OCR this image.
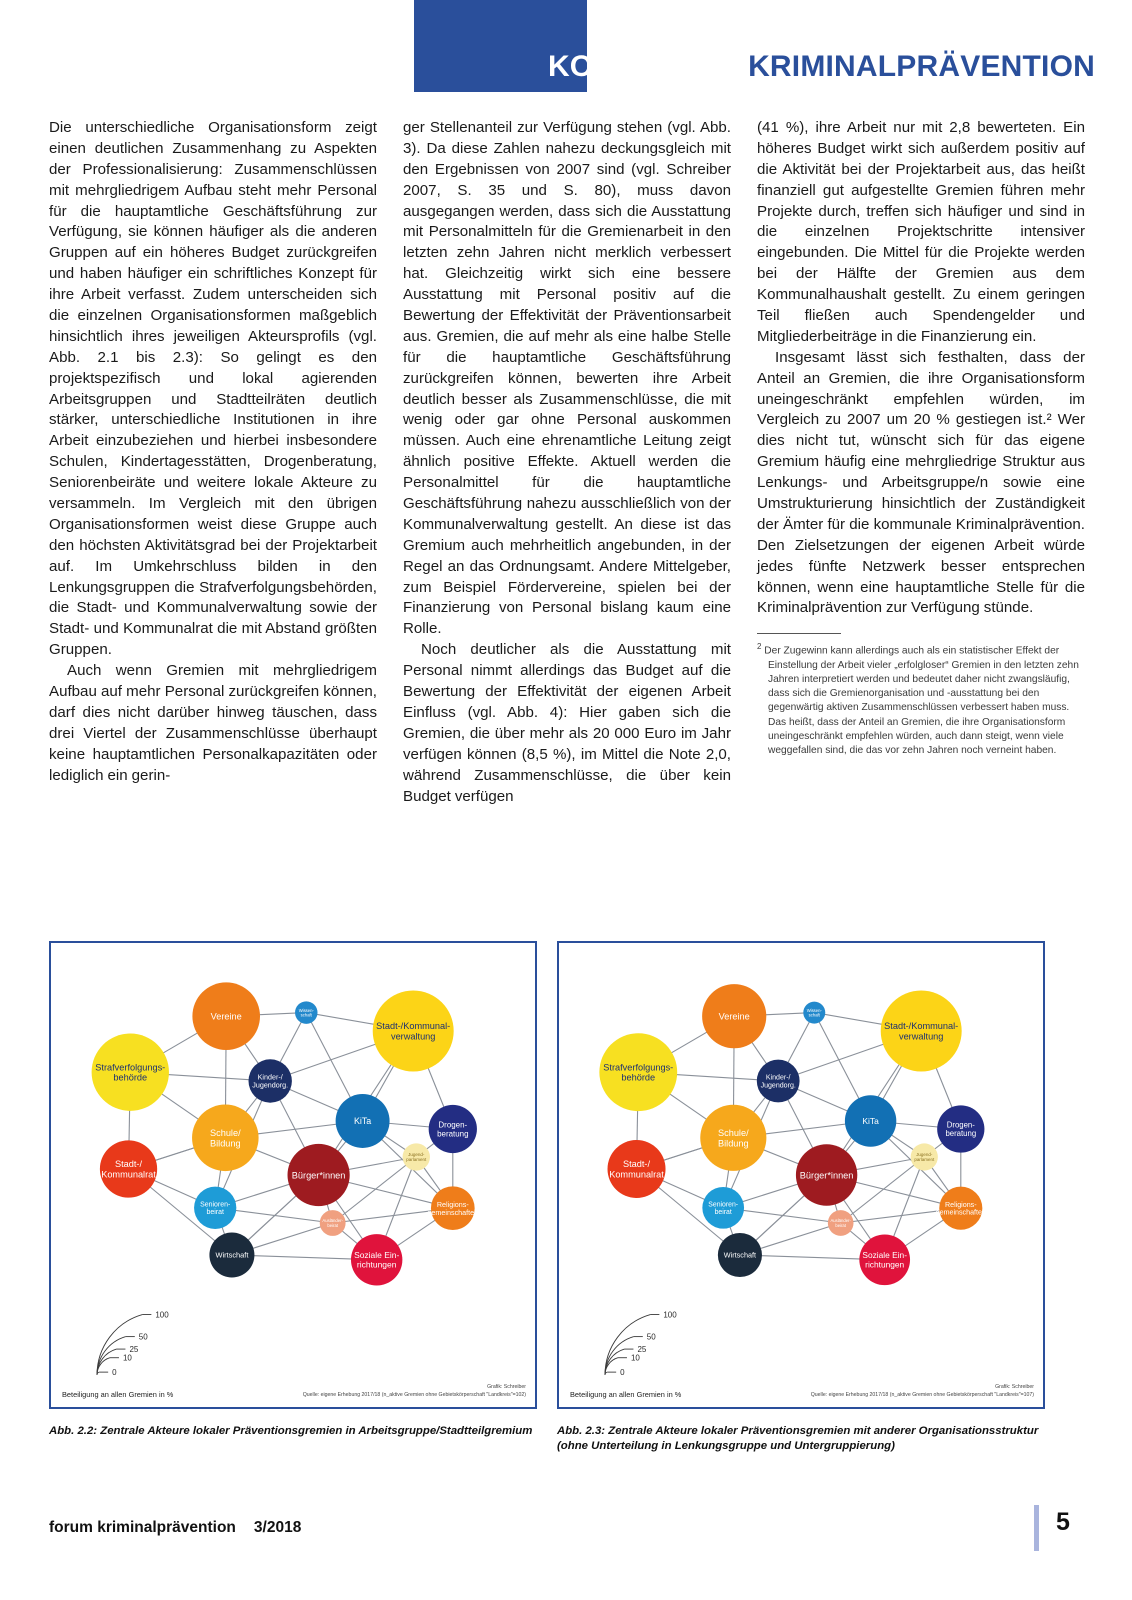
KOMMUNALEKRIMINALPRÄVENTION

Die unterschiedliche Organisationsform zeigt einen deutlichen Zusammenhang zu Aspekten der Professionalisierung: Zusammenschlüssen mit mehrgliedrigem Aufbau steht mehr Personal für die hauptamtliche Geschäftsführung zur Verfügung, sie können häufiger als die anderen Gruppen auf ein höheres Budget zurückgreifen und haben häufiger ein schriftliches Konzept für ihre Arbeit verfasst. Zudem unterscheiden sich die einzelnen Organisationsformen maßgeblich hinsichtlich ihres jeweiligen Akteursprofils (vgl. Abb. 2.1 bis 2.3): So gelingt es den projektspezifisch und lokal agierenden Arbeitsgruppen und Stadtteilräten deutlich stärker, unterschiedliche Institutionen in ihre Arbeit einzubeziehen und hierbei insbesondere Schulen, Kindertagesstätten, Drogenberatung, Seniorenbeiräte und weitere lokale Akteure zu versammeln. Im Vergleich mit den übrigen Organisationsformen weist diese Gruppe auch den höchsten Aktivitätsgrad bei der Projektarbeit auf. Im Umkehrschluss bilden in den Lenkungsgruppen die Strafverfolgungsbehörden, die Stadt- und Kommunalverwaltung sowie der Stadt- und Kommunalrat die mit Abstand größten Gruppen.

Auch wenn Gremien mit mehrgliedrigem Aufbau auf mehr Personal zurückgreifen können, darf dies nicht darüber hinweg täuschen, dass drei Viertel der Zusammenschlüsse überhaupt keine hauptamtlichen Personalkapazitäten oder lediglich ein gerin-

ger Stellenanteil zur Verfügung stehen (vgl. Abb. 3). Da diese Zahlen nahezu deckungsgleich mit den Ergebnissen von 2007 sind (vgl. Schreiber 2007, S. 35 und S. 80), muss davon ausgegangen werden, dass sich die Ausstattung mit Personalmitteln für die Gremienarbeit in den letzten zehn Jahren nicht merklich verbessert hat. Gleichzeitig wirkt sich eine bessere Ausstattung mit Personal positiv auf die Bewertung der Effektivität der Präventionsarbeit aus. Gremien, die auf mehr als eine halbe Stelle für die hauptamtliche Geschäftsführung zurückgreifen können, bewerten ihre Arbeit deutlich besser als Zusammenschlüsse, die mit wenig oder gar ohne Personal auskommen müssen. Auch eine ehrenamtliche Leitung zeigt ähnlich positive Effekte. Aktuell werden die Personalmittel für die hauptamtliche Geschäftsführung nahezu ausschließlich von der Kommunalverwaltung gestellt. An diese ist das Gremium auch mehrheitlich angebunden, in der Regel an das Ordnungsamt. Andere Mittelgeber, zum Beispiel Fördervereine, spielen bei der Finanzierung von Personal bislang kaum eine Rolle.

Noch deutlicher als die Ausstattung mit Personal nimmt allerdings das Budget auf die Bewertung der Effektivität der eigenen Arbeit Einfluss (vgl. Abb. 4): Hier gaben sich die Gremien, die über mehr als 20 000 Euro im Jahr verfügen können (8,5 %), im Mittel die Note 2,0, während Zusammenschlüsse, die über kein Budget verfügen

(41 %), ihre Arbeit nur mit 2,8 bewerteten. Ein höheres Budget wirkt sich außerdem positiv auf die Aktivität bei der Projektarbeit aus, das heißt finanziell gut aufgestellte Gremien führen mehr Projekte durch, treffen sich häufiger und sind in die einzelnen Projektschritte intensiver eingebunden. Die Mittel für die Projekte werden bei der Hälfte der Gremien aus dem Kommunalhaushalt gestellt. Zu einem geringen Teil fließen auch Spendengelder und Mitgliederbeiträge in die Finanzierung ein.

Insgesamt lässt sich festhalten, dass der Anteil an Gremien, die ihre Organisationsform uneingeschränkt empfehlen würden, im Vergleich zu 2007 um 20 % gestiegen ist.² Wer dies nicht tut, wünscht sich für das eigene Gremium häufig eine mehrgliedrige Struktur aus Lenkungs- und Arbeitsgruppe/n sowie eine Umstrukturierung hinsichtlich der Zuständigkeit der Ämter für die kommunale Kriminalprävention. Den Zielsetzungen der eigenen Arbeit würde jedes fünfte Netzwerk besser entsprechen können, wenn eine hauptamtliche Stelle für die Kriminalprävention zur Verfügung stünde.

$^2$ Der Zugewinn kann allerdings auch als ein statistischer Effekt der Einstellung der Arbeit vieler „erfolgloser“ Gremien in den letzten zehn Jahren interpretiert werden und bedeutet daher nicht zwangsläufig, dass sich die Gremienorganisation und -ausstattung bei den gegenwärtig aktiven Zusammenschlüssen verbessert haben muss. Das heißt, dass der Anteil an Gremien, die ihre Organisationsform uneingeschränkt empfehlen würden, auch dann steigt, wenn viele weggefallen sind, die das vor zehn Jahren noch verneint haben.
Vereine
Wissen-schaft
Stadt-/Kommunal-verwaltung
Strafverfolgungs-behörde	Kinder-/ Jugendorg.
KiTa	Drogen-beratung
Schule/ Bildung
Stadt-/ Kommunalrat	Bürger*innen
Jugend-parlament
Senioren-beirat
Ausländer-beirat
Religions-gemeinschaften
Wirtschaft	Soziale Ein-richtungen
100
50
25
10
0
Beteiligung an allen Gremien in %
Grafik: Schreiber
Quelle: eigene Erhebung 2017/18 (n_aktive Gremien ohne Gebietskörperschaft "Landkreis"=102)
Vereine
Wissen-schaft
Stadt-/Kommunal-verwaltung
Strafverfolgungs-behörde	Kinder-/ Jugendorg.
KiTa	Drogen-beratung
Schule/ Bildung
Stadt-/ Kommunalrat	Bürger*innen
Jugend-parlament
Senioren-beirat
Ausländer-beirat
Religions-gemeinschaften
Wirtschaft	Soziale Ein-richtungen
100
50
25
10
0
Beteiligung an allen Gremien in %
Grafik: Schreiber
Quelle: eigene Erhebung 2017/18 (n_aktive Gremien ohne Gebietskörperschaft "Landkreis"=107)
Abb. 2.2: Zentrale Akteure lokaler Präventionsgremien in Arbeitsgruppe/Stadtteilgremium	Abb. 2.3: Zentrale Akteure lokaler Präventionsgremien mit anderer Organisationsstruktur (ohne Unterteilung in Lenkungsgruppe und Untergruppierung)
forum kriminalprävention 3/2018	5
